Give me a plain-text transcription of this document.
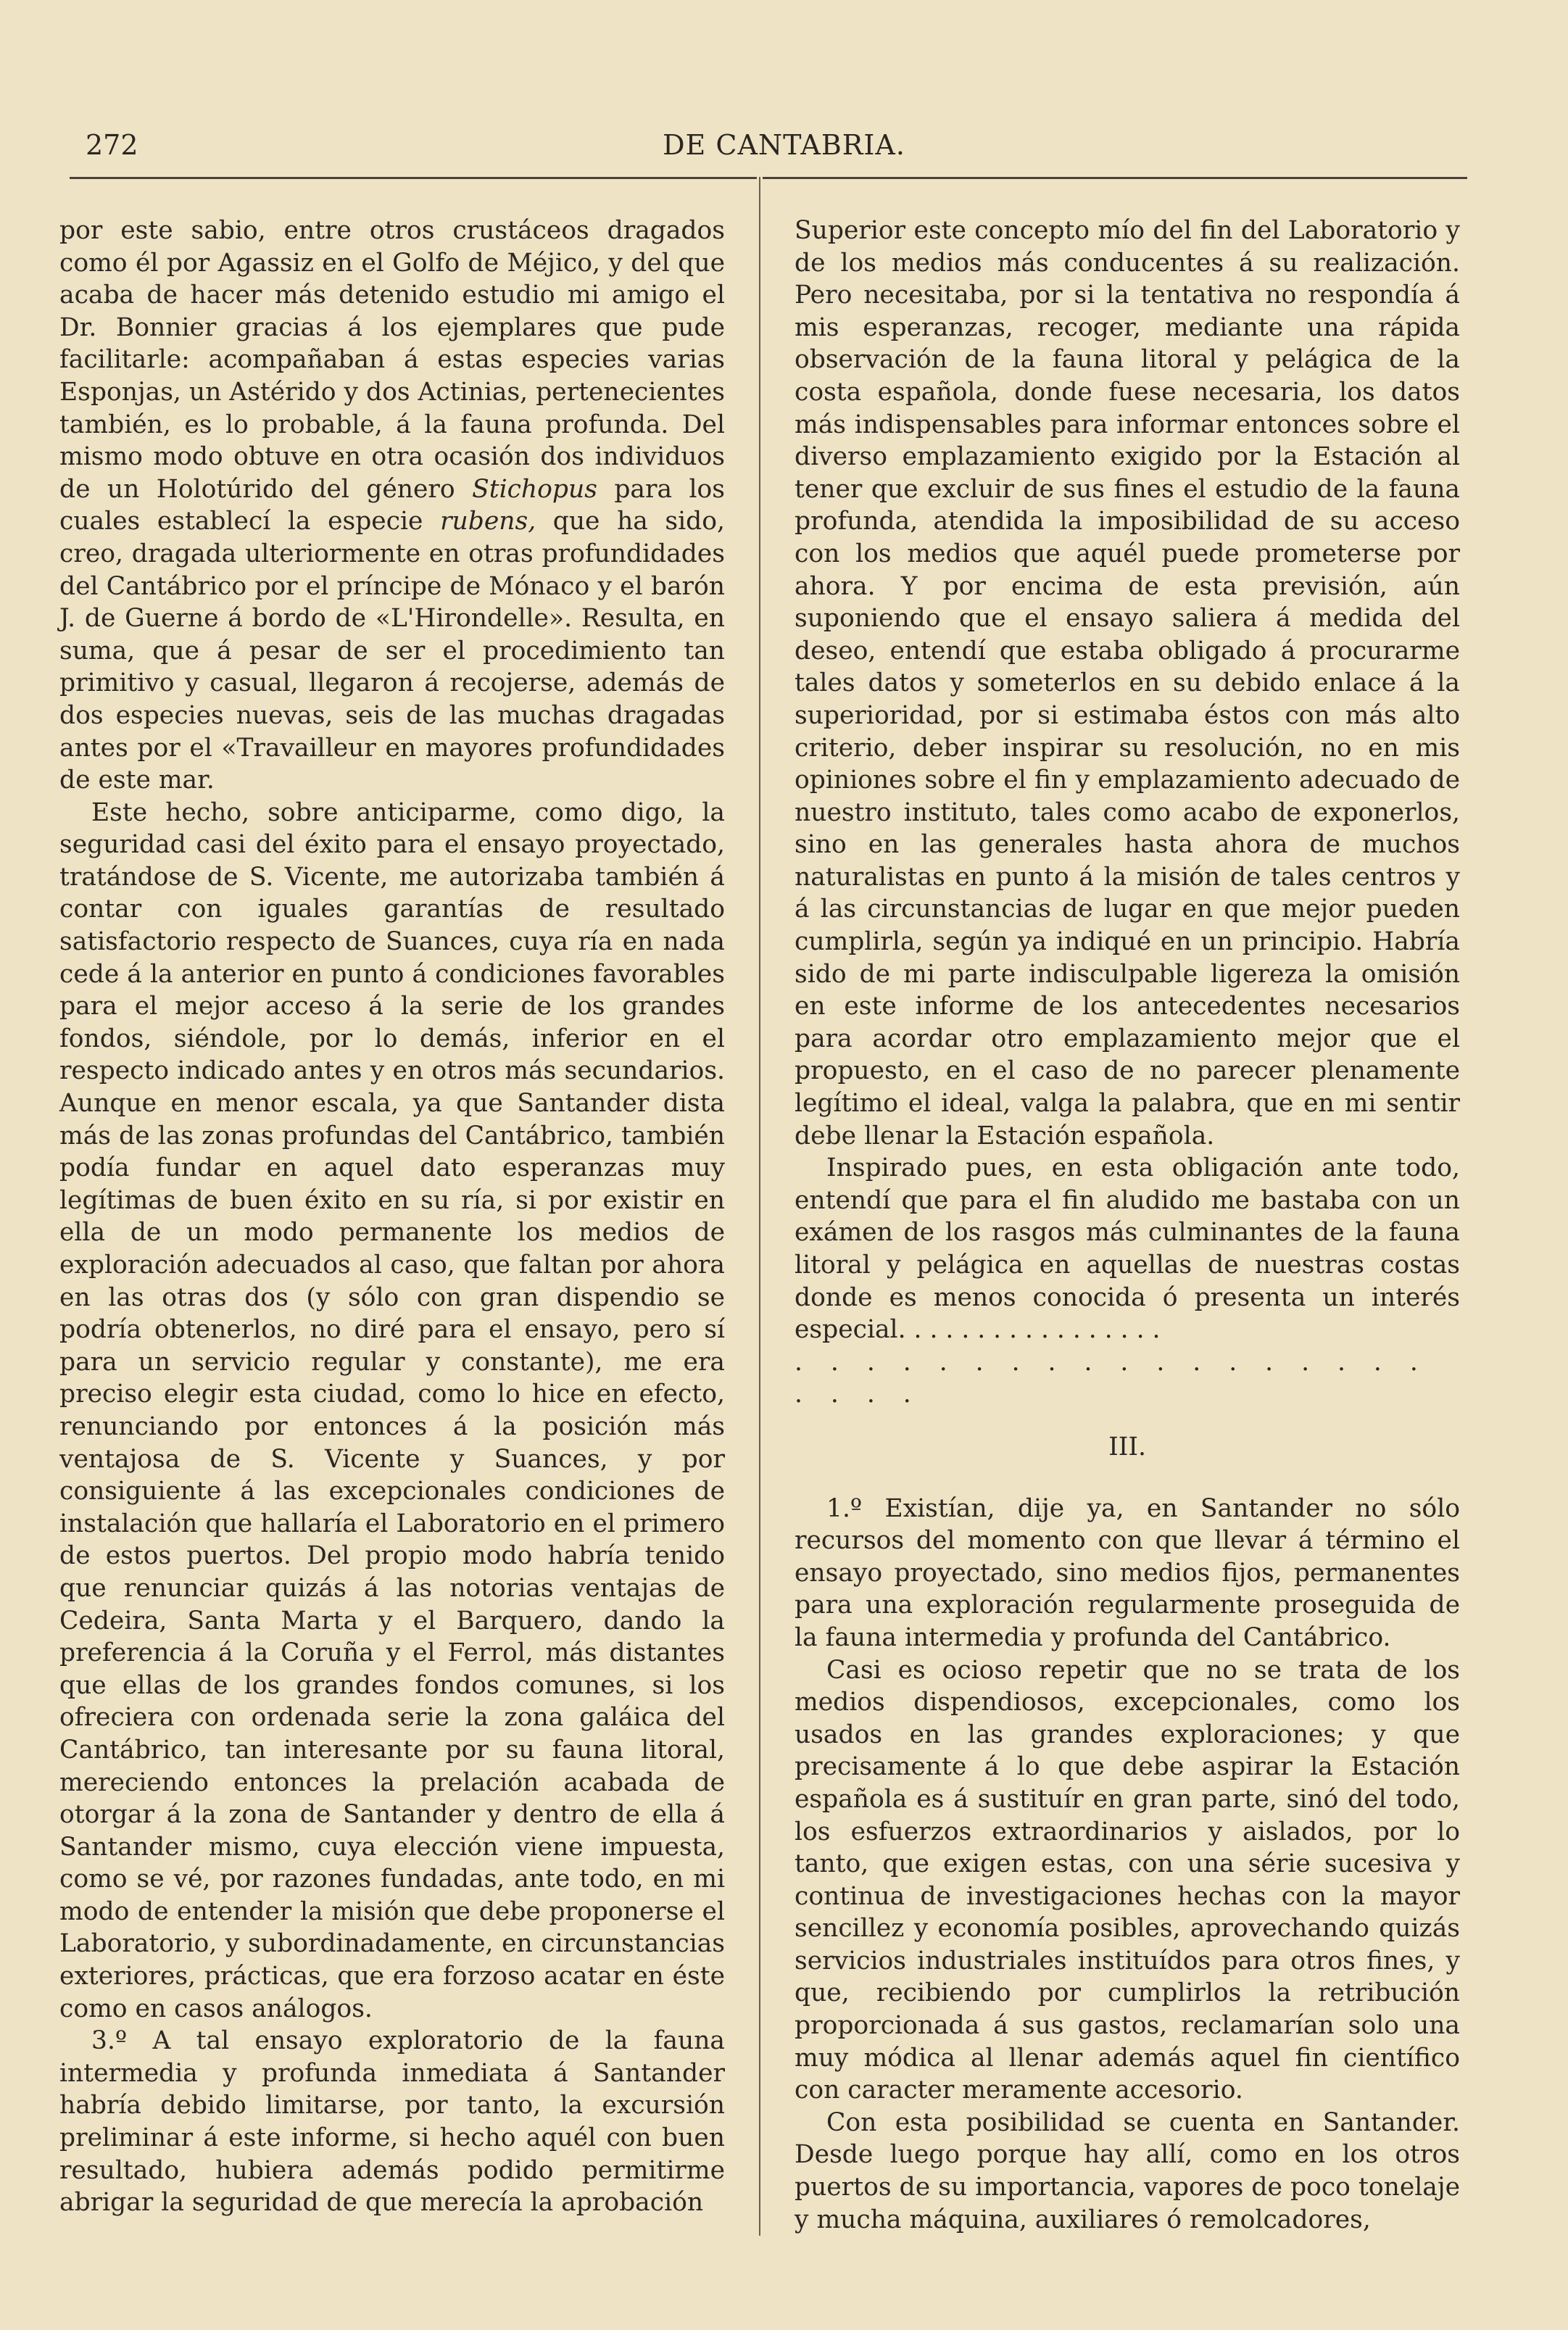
272	DE CANTABRIA.

por este sabio, entre otros crustáceos dragados como él por Agassiz en el Golfo de Méjico, y del que acaba de hacer más detenido estudio mi amigo el Dr. Bonnier gracias á los ejemplares que pude facilitarle: acompañaban á estas especies varias Esponjas, un Astérido y dos Actinias, pertenecientes también, es lo probable, á la fauna profunda. Del mismo modo obtuve en otra ocasión dos individuos de un Holotúrido del género Stichopus para los cuales establecí la especie rubens, que ha sido, creo, dragada ulteriormente en otras profundidades del Cantábrico por el príncipe de Mónaco y el barón J. de Guerne á bordo de «L'Hirondelle». Resulta, en suma, que á pesar de ser el procedimiento tan primitivo y casual, llegaron á recojerse, además de dos especies nuevas, seis de las muchas dragadas antes por el «Travailleur en mayores profundidades de este mar.

Este hecho, sobre anticiparme, como digo, la seguridad casi del éxito para el ensayo proyectado, tratándose de S. Vicente, me autorizaba también á contar con iguales garantías de resultado satisfactorio respecto de Suances, cuya ría en nada cede á la anterior en punto á condiciones favorables para el mejor acceso á la serie de los grandes fondos, siéndole, por lo demás, inferior en el respecto indicado antes y en otros más secundarios. Aunque en menor escala, ya que Santander dista más de las zonas profundas del Cantábrico, también podía fundar en aquel dato esperanzas muy legítimas de buen éxito en su ría, si por existir en ella de un modo permanente los medios de exploración adecuados al caso, que faltan por ahora en las otras dos (y sólo con gran dispendio se podría obtenerlos, no diré para el ensayo, pero sí para un servicio regular y constante), me era preciso elegir esta ciudad, como lo hice en efecto, renunciando por entonces á la posición más ventajosa de S. Vicente y Suances, y por consiguiente á las excepcionales condiciones de instalación que hallaría el Laboratorio en el primero de estos puertos. Del propio modo habría tenido que renunciar quizás á las notorias ventajas de Cedeira, Santa Marta y el Barquero, dando la preferencia á la Coruña y el Ferrol, más distantes que ellas de los grandes fondos comunes, si los ofreciera con ordenada serie la zona galáica del Cantábrico, tan interesante por su fauna litoral, mereciendo entonces la prelación acabada de otorgar á la zona de Santander y dentro de ella á Santander mismo, cuya elección viene impuesta, como se vé, por razones fundadas, ante todo, en mi modo de entender la misión que debe proponerse el Laboratorio, y subordinadamente, en circunstancias exteriores, prácticas, que era forzoso acatar en éste como en casos análogos.

3.º A tal ensayo exploratorio de la fauna intermedia y profunda inmediata á Santander habría debido limitarse, por tanto, la excursión preliminar á este informe, si hecho aquél con buen resultado, hubiera además podido permitirme abrigar la seguridad de que merecía la aprobación

Superior este concepto mío del fin del Laboratorio y de los medios más conducentes á su realización. Pero necesitaba, por si la tentativa no respondía á mis esperanzas, recoger, mediante una rápida observación de la fauna litoral y pelágica de la costa española, donde fuese necesaria, los datos más indispensables para informar entonces sobre el diverso emplazamiento exigido por la Estación al tener que excluir de sus fines el estudio de la fauna profunda, atendida la imposibilidad de su acceso con los medios que aquél puede prometerse por ahora. Y por encima de esta previsión, aún suponiendo que el ensayo saliera á medida del deseo, entendí que estaba obligado á procurarme tales datos y someterlos en su debido enlace á la superioridad, por si estimaba éstos con más alto criterio, deber inspirar su resolución, no en mis opiniones sobre el fin y emplazamiento adecuado de nuestro instituto, tales como acabo de exponerlos, sino en las generales hasta ahora de muchos naturalistas en punto á la misión de tales centros y á las circunstancias de lugar en que mejor pueden cumplirla, según ya indiqué en un principio. Habría sido de mi parte indisculpable ligereza la omisión en este informe de los antecedentes necesarios para acordar otro emplazamiento mejor que el propuesto, en el caso de no parecer plenamente legítimo el ideal, valga la palabra, que en mi sentir debe llenar la Estación española.

Inspirado pues, en esta obligación ante todo, entendí que para el fin aludido me bastaba con un exámen de los rasgos más culminantes de la fauna litoral y pelágica en aquellas de nuestras costas donde es menos conocida ó presenta un interés especial. . . . . . . . . . . . . . . . .

. . . . . . . . . . . . . . . . . . . . . .

III.

1.º Existían, dije ya, en Santander no sólo recursos del momento con que llevar á término el ensayo proyectado, sino medios fijos, permanentes para una exploración regularmente proseguida de la fauna intermedia y profunda del Cantábrico.

Casi es ocioso repetir que no se trata de los medios dispendiosos, excepcionales, como los usados en las grandes exploraciones; y que precisamente á lo que debe aspirar la Estación española es á sustituír en gran parte, sinó del todo, los esfuerzos extraordinarios y aislados, por lo tanto, que exigen estas, con una série sucesiva y continua de investigaciones hechas con la mayor sencillez y economía posibles, aprovechando quizás servicios industriales instituídos para otros fines, y que, recibiendo por cumplirlos la retribución proporcionada á sus gastos, reclamarían solo una muy módica al llenar además aquel fin científico con caracter meramente accesorio.

Con esta posibilidad se cuenta en Santander. Desde luego porque hay allí, como en los otros puertos de su importancia, vapores de poco tonelaje y mucha máquina, auxiliares ó remolcadores,
